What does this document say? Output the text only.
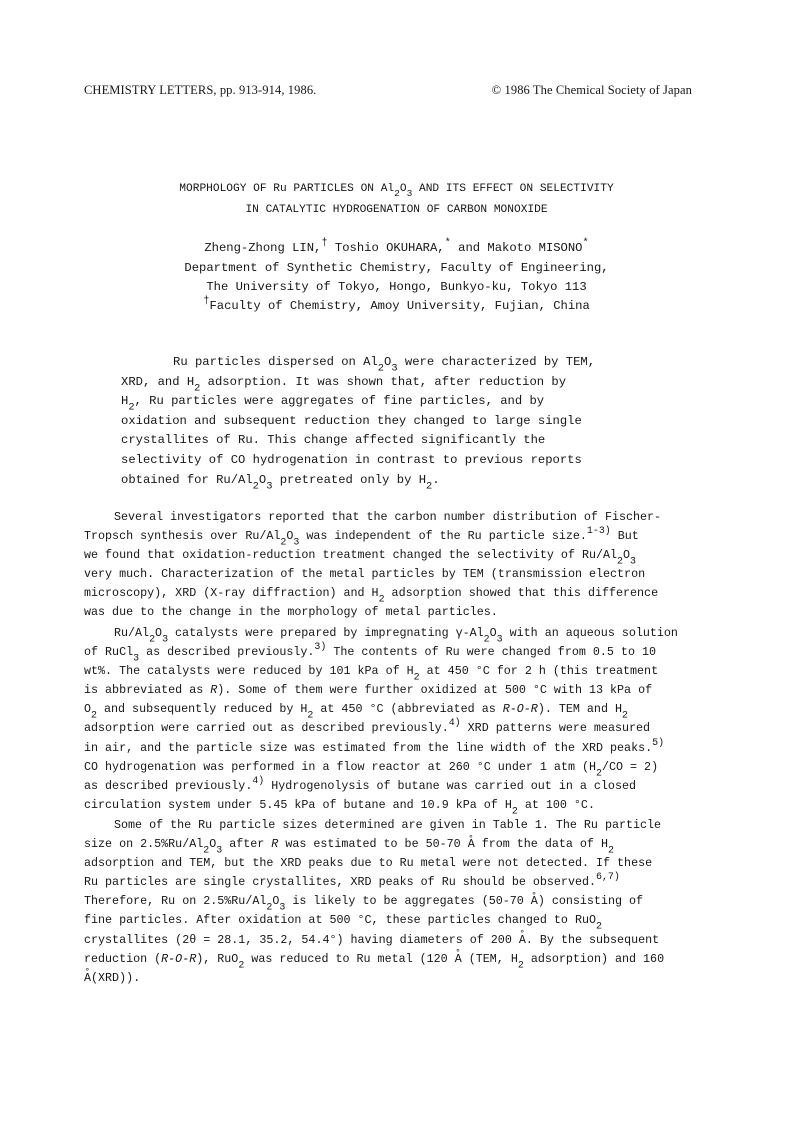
CHEMISTRY LETTERS, pp. 913-914, 1986.	© 1986 The Chemical Society of Japan
MORPHOLOGY OF Ru PARTICLES ON $Al_2O_3$ AND ITS EFFECT ON SELECTIVITY
IN CATALYTIC HYDROGENATION OF CARBON MONOXIDE
Zheng-Zhong LIN,† Toshio OKUHARA,* and Makoto MISONO*
Department of Synthetic Chemistry, Faculty of Engineering,
The University of Tokyo, Hongo, Bunkyo-ku, Tokyo 113
†Faculty of Chemistry, Amoy University, Fujian, China
Ru particles dispersed on $Al_2O_3$ were characterized by TEM,
XRD, and $H_2$ adsorption. It was shown that, after reduction by
$H_2$, Ru particles were aggregates of fine particles, and by
oxidation and subsequent reduction they changed to large single
crystallites of Ru. This change affected significantly the
selectivity of CO hydrogenation in contrast to previous reports
obtained for $Ru/Al_2O_3$ pretreated only by $H_2$.
Several investigators reported that the carbon number distribution of Fischer-
Tropsch synthesis over $Ru/Al_2O_3$ was independent of the Ru particle size.$^{1-3)}$ But
we found that oxidation-reduction treatment changed the selectivity of $Ru/Al_2O_3$
very much. Characterization of the metal particles by TEM (transmission electron
microscopy), XRD (X-ray diffraction) and $H_2$ adsorption showed that this difference
was due to the change in the morphology of metal particles.
$Ru/Al_2O_3$ catalysts were prepared by impregnating $\gamma-Al_2O_3$ with an aqueous solution
of RuCl$_3$ as described previously.$^{3)}$ The contents of Ru were changed from 0.5 to 10
wt%. The catalysts were reduced by 101 kPa of $H_2$ at 450 °C for 2 h (this treatment
is abbreviated as R). Some of them were further oxidized at 500 °C with 13 kPa of
$O_2$ and subsequently reduced by $H_2$ at 450 °C (abbreviated as R-O-R). TEM and $H_2$
adsorption were carried out as described previously.$^{4)}$ XRD patterns were measured
in air, and the particle size was estimated from the line width of the XRD peaks.$^{5)}$
CO hydrogenation was performed in a flow reactor at 260 °C under 1 atm $(H_2/CO = 2)$
as described previously.$^{4)}$ Hydrogenolysis of butane was carried out in a closed
circulation system under 5.45 kPa of butane and 10.9 kPa of $H_2$ at 100 °C.
Some of the Ru particle sizes determined are given in Table 1. The Ru particle
size on $2.5\%Ru/Al_2O_3$ after R was estimated to be 50-70 ° A from the data of $H_2$
adsorption and TEM, but the XRD peaks due to Ru metal were not detected. If these
Ru particles are single crystallites, XRD peaks of Ru should be observed.$^{6,7)}$
Therefore, Ru on $2.5\%Ru/Al_2O_3$ is likely to be aggregates (50-70 ° A) consisting of
fine particles. After oxidation at 500 °C, these particles changed to RuO$_2$
crystallites (2θ = 28.1, 35.2, 54.4°) having diameters of 200 ° A. By the subsequent
reduction (R-O-R), RuO$_2$ was reduced to Ru metal (120 ° A (TEM, $H_2$ adsorption) and 160
° A(XRD)).
